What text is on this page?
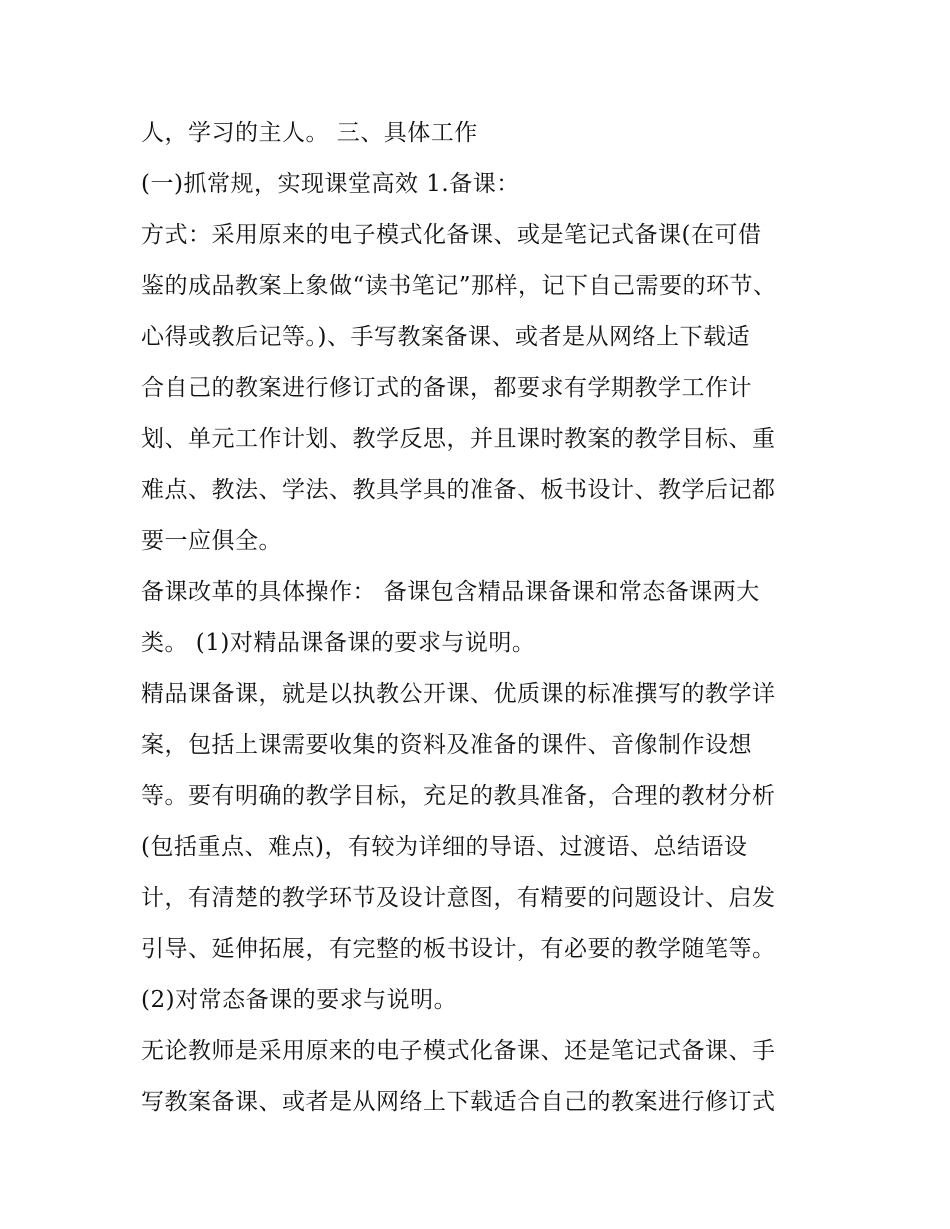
人，学习的主人。 三、具体工作
(一)抓常规，实现课堂高效 1.备课：
方式：采用原来的电子模式化备课、或是笔记式备课(在可借
鉴的成品教案上象做“读书笔记”那样，记下自己需要的环节、
心得或教后记等。)、手写教案备课、或者是从网络上下载适
合自己的教案进行修订式的备课，都要求有学期教学工作计
划、单元工作计划、教学反思，并且课时教案的教学目标、重
难点、教法、学法、教具学具的准备、板书设计、教学后记都
要一应俱全。
备课改革的具体操作： 备课包含精品课备课和常态备课两大
类。 (1)对精品课备课的要求与说明。
精品课备课，就是以执教公开课、优质课的标准撰写的教学详
案，包括上课需要收集的资料及准备的课件、音像制作设想
等。要有明确的教学目标，充足的教具准备，合理的教材分析
(包括重点、难点)，有较为详细的导语、过渡语、总结语设
计，有清楚的教学环节及设计意图，有精要的问题设计、启发
引导、延伸拓展，有完整的板书设计，有必要的教学随笔等。
(2)对常态备课的要求与说明。
无论教师是采用原来的电子模式化备课、还是笔记式备课、手
写教案备课、或者是从网络上下载适合自己的教案进行修订式
